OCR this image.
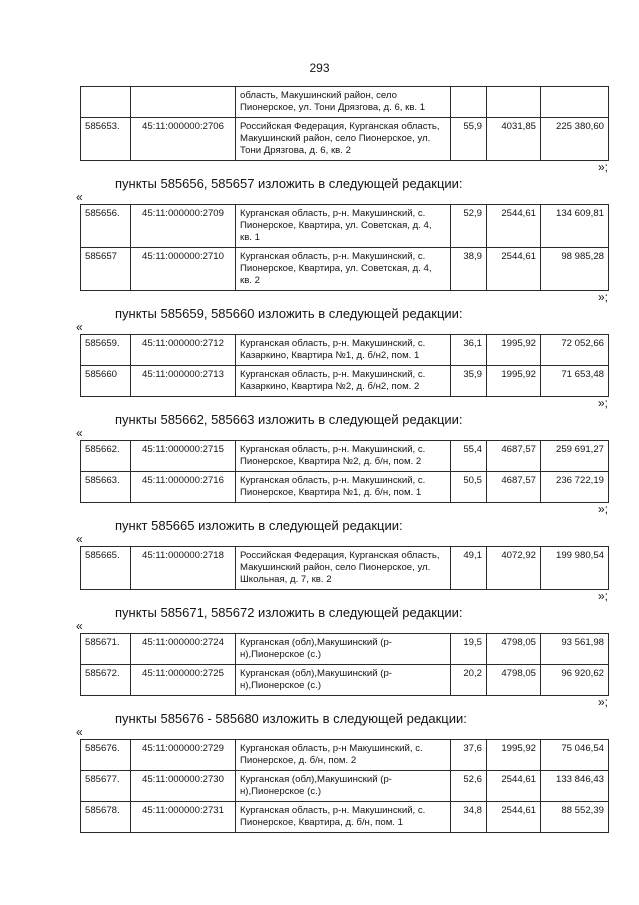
293
		область, Макушинский район, село Пионерское, ул. Тони Дрязгова, д. 6, кв. 1			
585653.	45:11:000000:2706	Российская Федерация, Курганская область, Макушинский район, село Пионерское, ул. Тони Дрязгова, д. 6, кв. 2	55,9	4031,85	225 380,60
»;
пункты 585656, 585657 изложить в следующей редакции:
«
585656.	45:11:000000:2709	Курганская область, р-н. Макушинский, с. Пионерское, Квартира, ул. Советская, д. 4, кв. 1	52,9	2544,61	134 609,81
585657	45:11:000000:2710	Курганская область, р-н. Макушинский, с. Пионерское, Квартира, ул. Советская, д. 4, кв. 2	38,9	2544,61	98 985,28
»;
пункты 585659, 585660 изложить в следующей редакции:
«
585659.	45:11:000000:2712	Курганская область, р-н. Макушинский, с. Казаркино, Квартира №1, д. б/н2, пом. 1	36,1	1995,92	72 052,66
585660	45:11:000000:2713	Курганская область, р-н. Макушинский, с. Казаркино, Квартира №2, д. б/н2, пом. 2	35,9	1995,92	71 653,48
»;
пункты 585662, 585663 изложить в следующей редакции:
«
585662.	45:11:000000:2715	Курганская область, р-н. Макушинский, с. Пионерское, Квартира №2, д. б/н, пом. 2	55,4	4687,57	259 691,27
585663.	45:11:000000:2716	Курганская область, р-н. Макушинский, с. Пионерское, Квартира №1, д. б/н, пом. 1	50,5	4687,57	236 722,19
»;
пункт 585665 изложить в следующей редакции:
«
585665.	45:11:000000:2718	Российская Федерация, Курганская область, Макушинский район, село Пионерское, ул. Школьная, д. 7, кв. 2	49,1	4072,92	199 980,54
»;
пункты 585671, 585672 изложить в следующей редакции:
«
585671.	45:11:000000:2724	Курганская (обл),Макушинский (р-н),Пионерское (с.)	19,5	4798,05	93 561,98
585672.	45:11:000000:2725	Курганская (обл),Макушинский (р-н),Пионерское (с.)	20,2	4798,05	96 920,62
»;
пункты 585676 - 585680 изложить в следующей редакции:
«
585676.	45:11:000000:2729	Курганская область, р-н Макушинский, с. Пионерское, д. б/н, пом. 2	37,6	1995,92	75 046,54
585677.	45:11:000000:2730	Курганская (обл),Макушинский (р-н),Пионерское (с.)	52,6	2544,61	133 846,43
585678.	45:11:000000:2731	Курганская область, р-н. Макушинский, с. Пионерское, Квартира, д. б/н, пом. 1	34,8	2544,61	88 552,39
